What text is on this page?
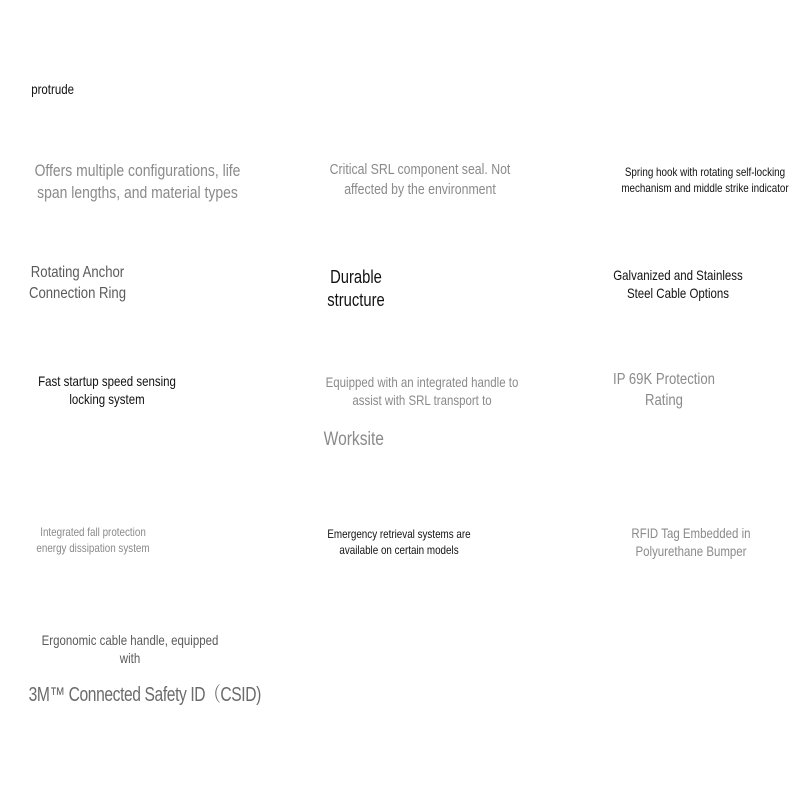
protrude
Offers multiple configurations, life
span lengths, and material types
Critical SRL component seal. Not
affected by the environment
Spring hook with rotating self-locking
mechanism and middle strike indicator
Rotating Anchor
Connection Ring
Durable
structure
Galvanized and Stainless
Steel Cable Options
Fast startup speed sensing
locking system
Equipped with an integrated handle to
assist with SRL transport to
Worksite
IP 69K Protection
Rating
Integrated fall protection
energy dissipation system
Emergency retrieval systems are
available on certain models
RFID Tag Embedded in
Polyurethane Bumper
Ergonomic cable handle, equipped
with
3M™ Connected Safety ID（CSID)
